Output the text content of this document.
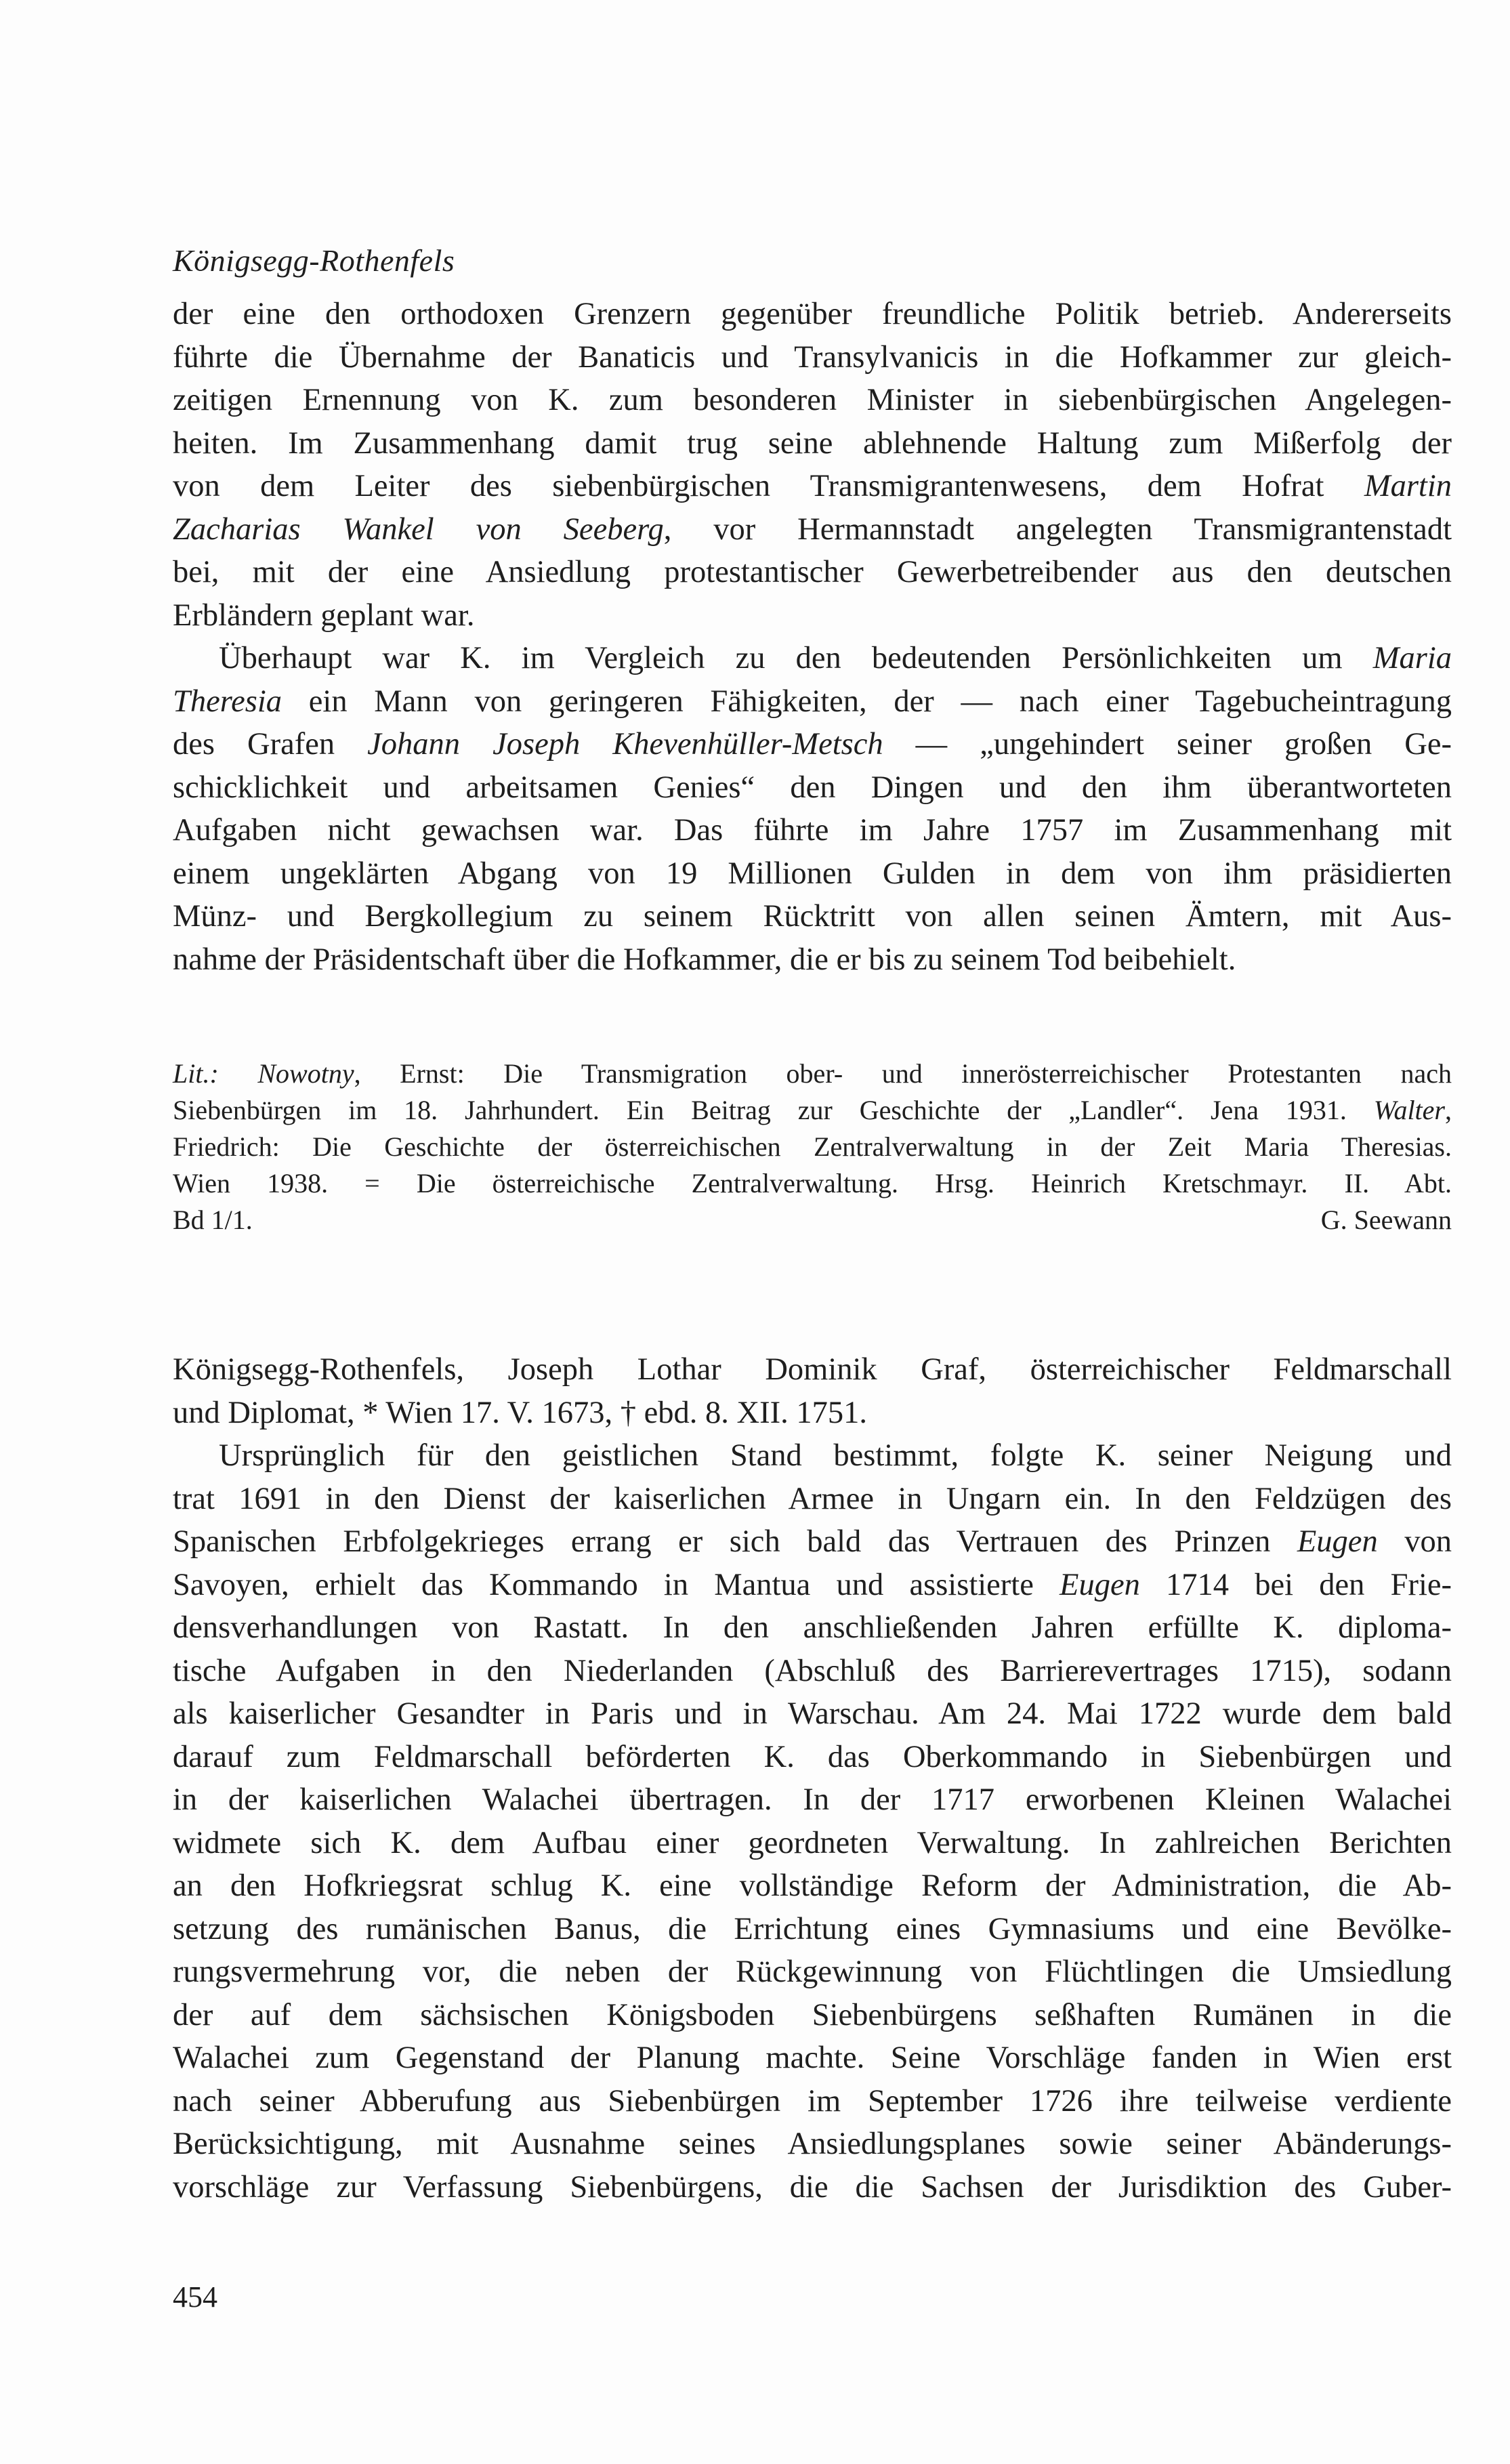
Königsegg-Rothenfels
der eine den orthodoxen Grenzern gegenüber freundliche Politik betrieb. Andererseits
führte die Übernahme der Banaticis und Transylvanicis in die Hofkammer zur gleich-
zeitigen Ernennung von K. zum besonderen Minister in siebenbürgischen Angelegen-
heiten. Im Zusammenhang damit trug seine ablehnende Haltung zum Mißerfolg der
von dem Leiter des siebenbürgischen Transmigrantenwesens, dem Hofrat Martin
Zacharias Wankel von Seeberg, vor Hermannstadt angelegten Transmigrantenstadt
bei, mit der eine Ansiedlung protestantischer Gewerbetreibender aus den deutschen
Erbländern geplant war.
Überhaupt war K. im Vergleich zu den bedeutenden Persönlichkeiten um Maria
Theresia ein Mann von geringeren Fähigkeiten, der — nach einer Tagebucheintragung
des Grafen Johann Joseph Khevenhüller-Metsch — „ungehindert seiner großen Ge-
schicklichkeit und arbeitsamen Genies“ den Dingen und den ihm überantworteten
Aufgaben nicht gewachsen war. Das führte im Jahre 1757 im Zusammenhang mit
einem ungeklärten Abgang von 19 Millionen Gulden in dem von ihm präsidierten
Münz- und Bergkollegium zu seinem Rücktritt von allen seinen Ämtern, mit Aus-
nahme der Präsidentschaft über die Hofkammer, die er bis zu seinem Tod beibehielt.
Lit.: Nowotny, Ernst: Die Transmigration ober- und innerösterreichischer Protestanten nach
Siebenbürgen im 18. Jahrhundert. Ein Beitrag zur Geschichte der „Landler“. Jena 1931. Walter,
Friedrich: Die Geschichte der österreichischen Zentralverwaltung in der Zeit Maria Theresias.
Wien 1938. = Die österreichische Zentralverwaltung. Hrsg. Heinrich Kretschmayr. II. Abt.
Bd 1/1.	G. Seewann
Königsegg-Rothenfels, Joseph Lothar Dominik Graf, österreichischer Feldmarschall
und Diplomat, * Wien 17. V. 1673, † ebd. 8. XII. 1751.
Ursprünglich für den geistlichen Stand bestimmt, folgte K. seiner Neigung und
trat 1691 in den Dienst der kaiserlichen Armee in Ungarn ein. In den Feldzügen des
Spanischen Erbfolgekrieges errang er sich bald das Vertrauen des Prinzen Eugen von
Savoyen, erhielt das Kommando in Mantua und assistierte Eugen 1714 bei den Frie-
densverhandlungen von Rastatt. In den anschließenden Jahren erfüllte K. diploma-
tische Aufgaben in den Niederlanden (Abschluß des Barrierevertrages 1715), sodann
als kaiserlicher Gesandter in Paris und in Warschau. Am 24. Mai 1722 wurde dem bald
darauf zum Feldmarschall beförderten K. das Oberkommando in Siebenbürgen und
in der kaiserlichen Walachei übertragen. In der 1717 erworbenen Kleinen Walachei
widmete sich K. dem Aufbau einer geordneten Verwaltung. In zahlreichen Berichten
an den Hofkriegsrat schlug K. eine vollständige Reform der Administration, die Ab-
setzung des rumänischen Banus, die Errichtung eines Gymnasiums und eine Bevölke-
rungsvermehrung vor, die neben der Rückgewinnung von Flüchtlingen die Umsiedlung
der auf dem sächsischen Königsboden Siebenbürgens seßhaften Rumänen in die
Walachei zum Gegenstand der Planung machte. Seine Vorschläge fanden in Wien erst
nach seiner Abberufung aus Siebenbürgen im September 1726 ihre teilweise verdiente
Berücksichtigung, mit Ausnahme seines Ansiedlungsplanes sowie seiner Abänderungs-
vorschläge zur Verfassung Siebenbürgens, die die Sachsen der Jurisdiktion des Guber-
454
